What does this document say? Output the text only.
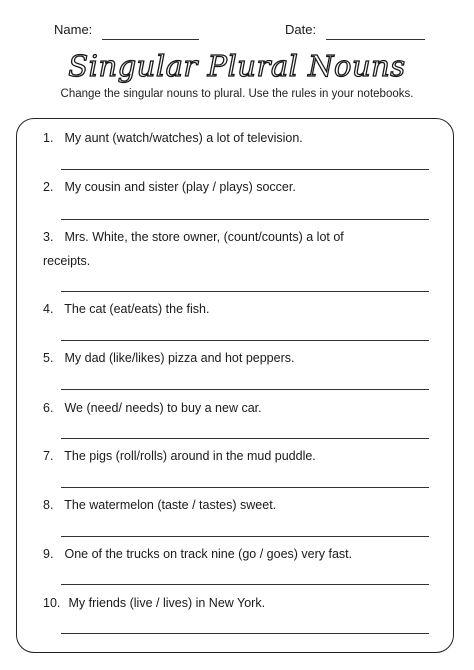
Name:	Date:
Singular Plural Nouns
Change the singular nouns to plural. Use the rules in your notebooks.
1. My aunt (watch/watches) a lot of television.
2. My cousin and sister (play / plays) soccer.
3. Mrs. White, the store owner, (count/counts) a lot of
receipts.
4. The cat (eat/eats) the fish.
5. My dad (like/likes) pizza and hot peppers.
6. We (need/ needs) to buy a new car.
7. The pigs (roll/rolls) around in the mud puddle.
8. The watermelon (taste / tastes) sweet.
9. One of the trucks on track nine (go / goes) very fast.
10. My friends (live / lives) in New York.
